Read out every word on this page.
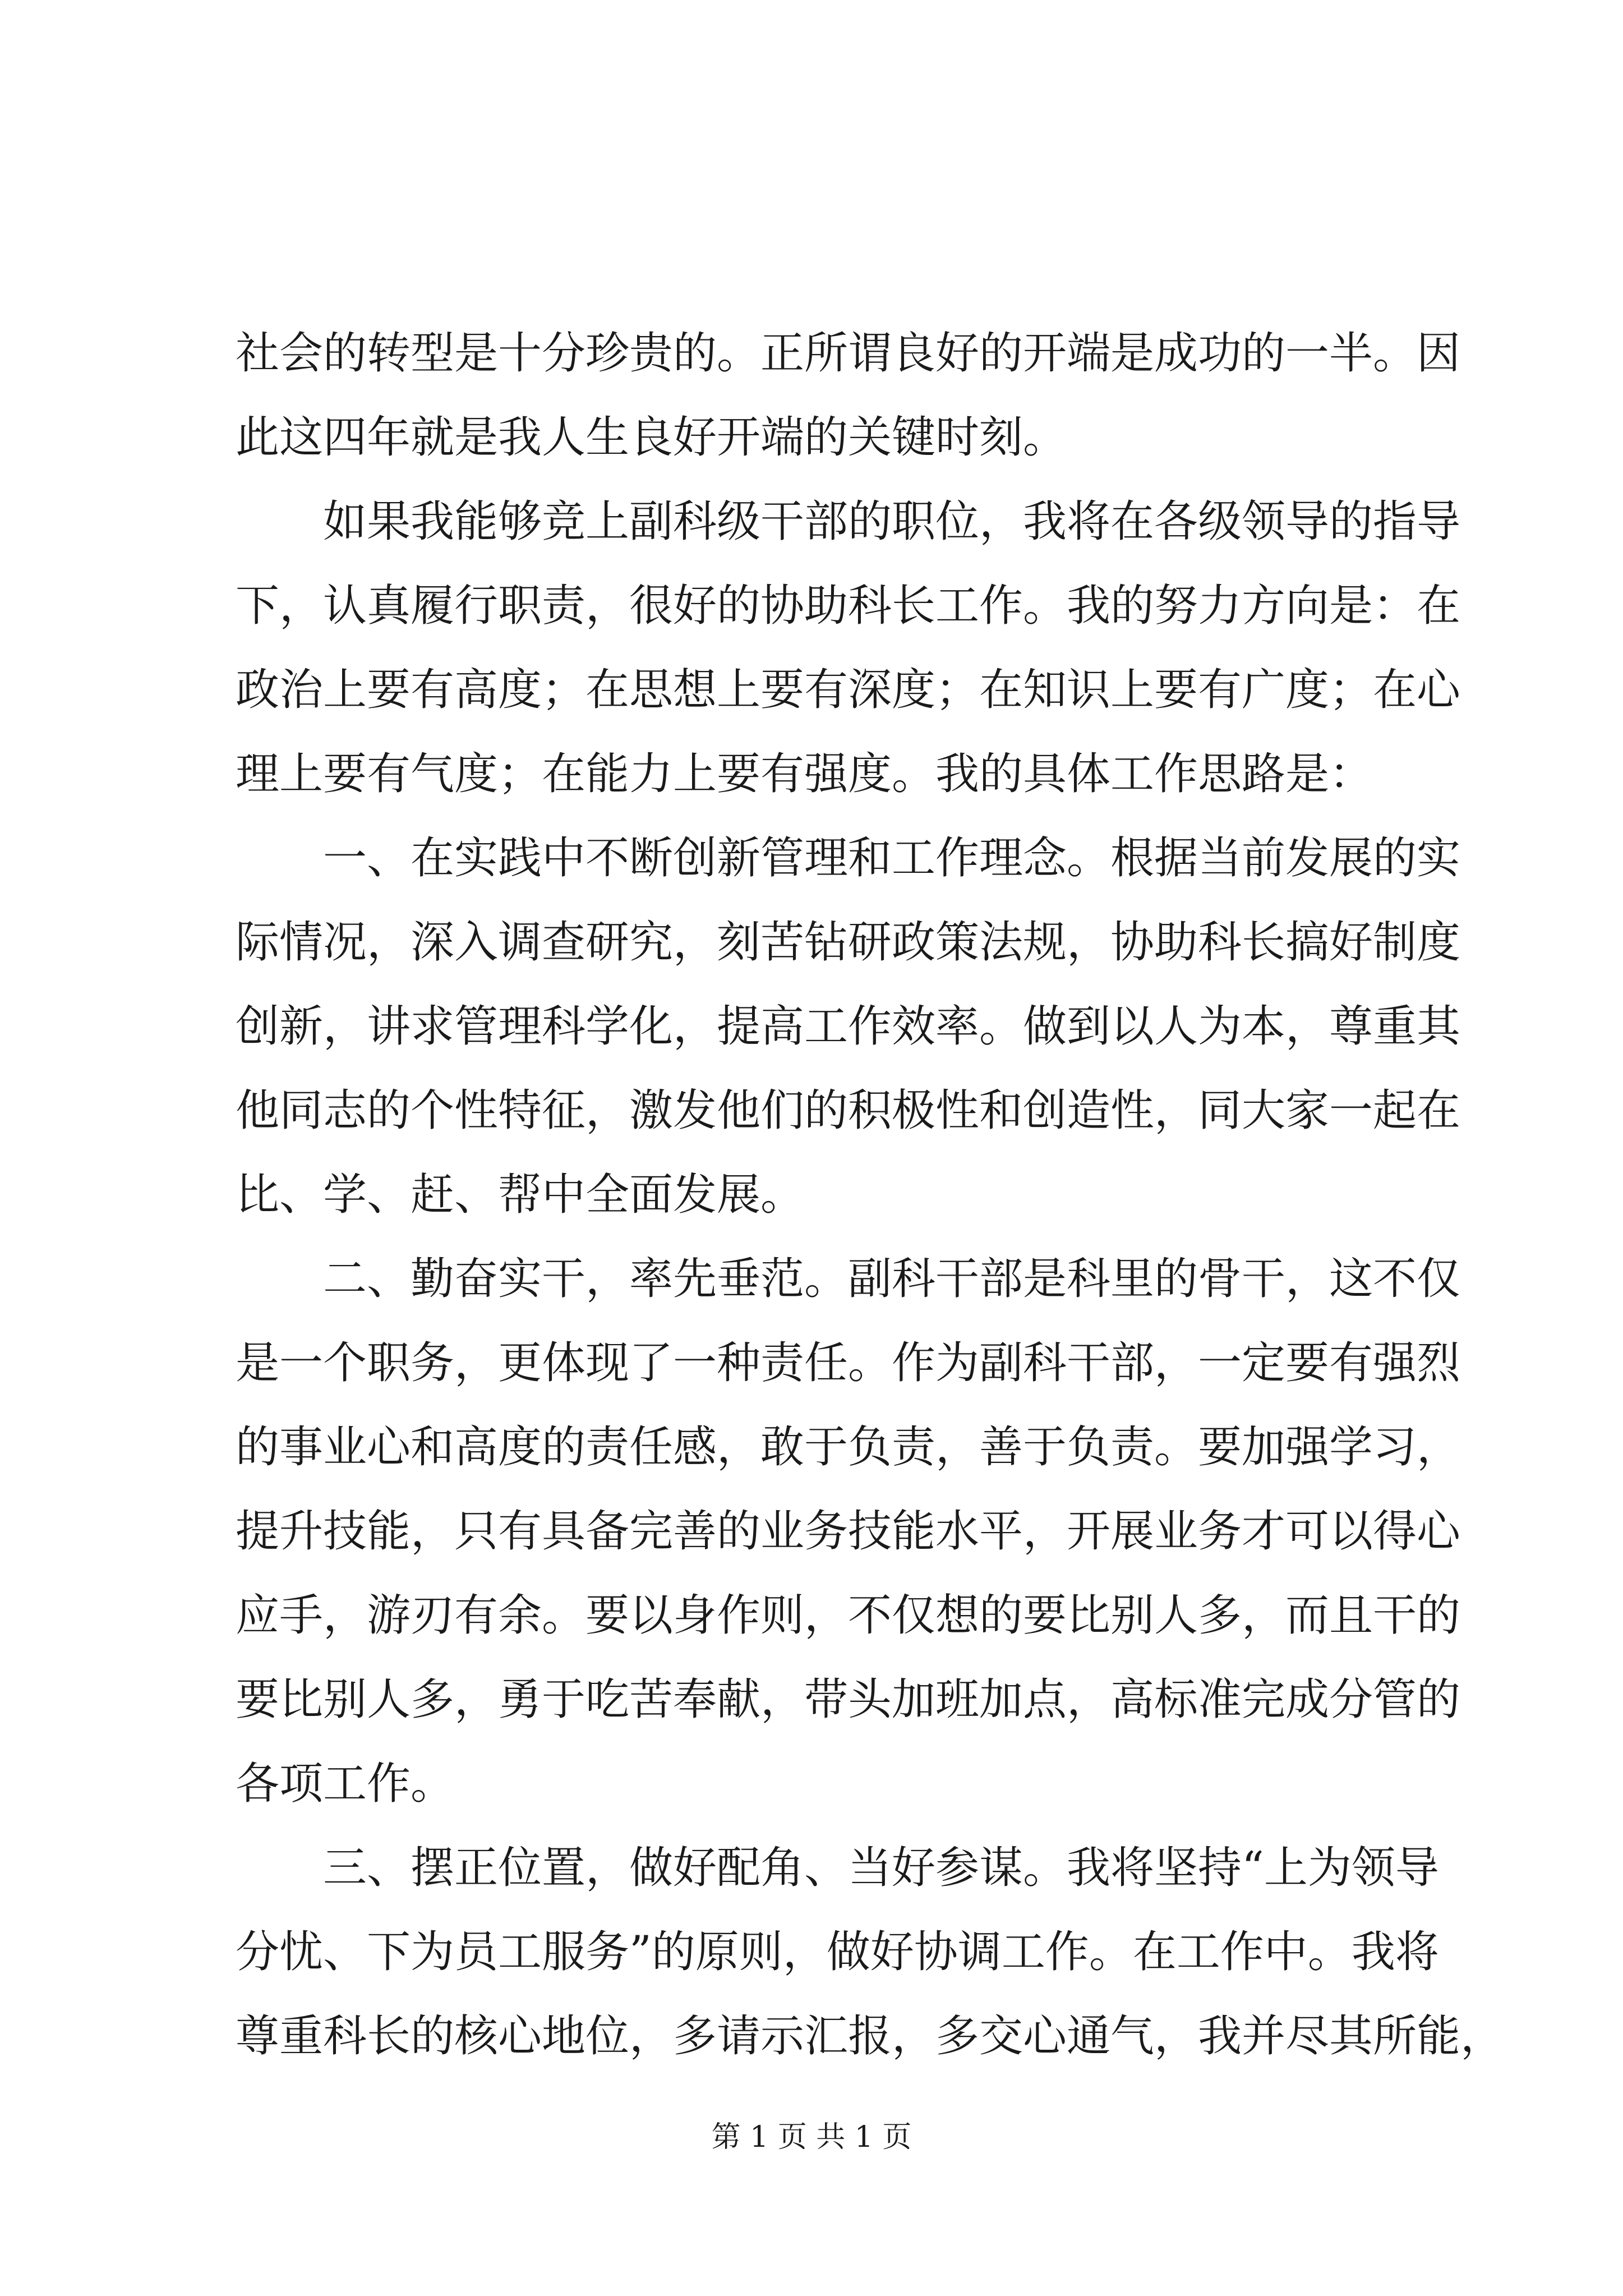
社会的转型是十分珍贵的。正所谓良好的开端是成功的一半。因
此这四年就是我人生良好开端的关键时刻。
如果我能够竞上副科级干部的职位，我将在各级领导的指导
下，认真履行职责，很好的协助科长工作。我的努力方向是：在
政治上要有高度；在思想上要有深度；在知识上要有广度；在心
理上要有气度；在能力上要有强度。我的具体工作思路是：
一、在实践中不断创新管理和工作理念。根据当前发展的实
际情况，深入调查研究，刻苦钻研政策法规，协助科长搞好制度
创新，讲求管理科学化，提高工作效率。做到以人为本，尊重其
他同志的个性特征，激发他们的积极性和创造性，同大家一起在
比、学、赶、帮中全面发展。
二、勤奋实干，率先垂范。副科干部是科里的骨干，这不仅
是一个职务，更体现了一种责任。作为副科干部，一定要有强烈
的事业心和高度的责任感，敢于负责，善于负责。要加强学习，
提升技能，只有具备完善的业务技能水平，开展业务才可以得心
应手，游刃有余。要以身作则，不仅想的要比别人多，而且干的
要比别人多，勇于吃苦奉献，带头加班加点，高标准完成分管的
各项工作。
三、摆正位置，做好配角、当好参谋。我将坚持“上为领导
分忧、下为员工服务”的原则，做好协调工作。在工作中。我将
尊重科长的核心地位，多请示汇报，多交心通气，我并尽其所能，
第 1 页 共 1 页
